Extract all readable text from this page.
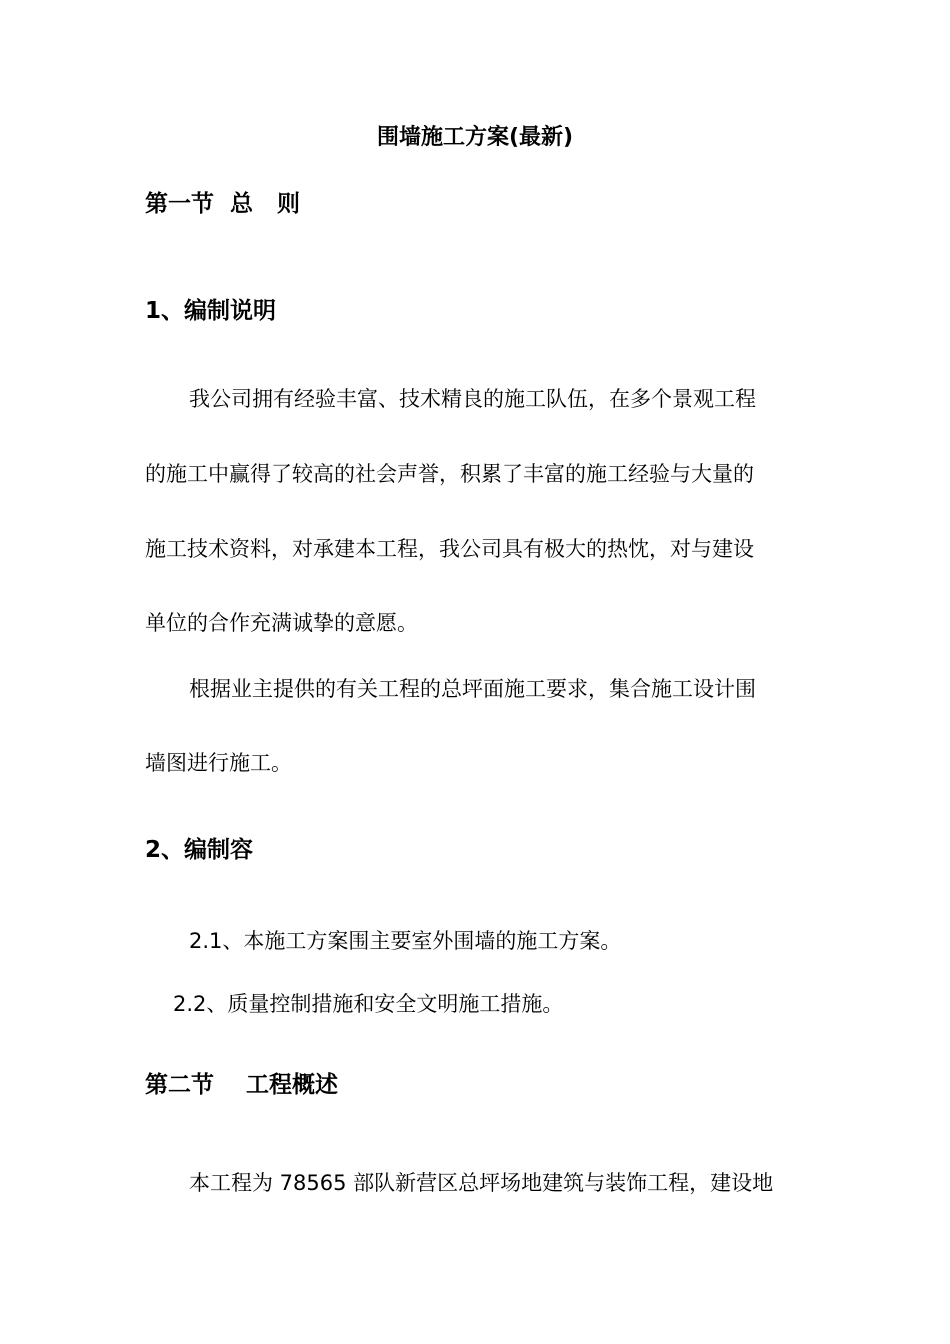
围墙施工方案(最新)
第一节  总   则
1、编制说明
我公司拥有经验丰富、技术精良的施工队伍，在多个景观工程
的施工中赢得了较高的社会声誉，积累了丰富的施工经验与大量的
施工技术资料，对承建本工程，我公司具有极大的热忱，对与建设
单位的合作充满诚挚的意愿。
根据业主提供的有关工程的总坪面施工要求，集合施工设计围
墙图进行施工。
2、编制容
2.1、本施工方案围主要室外围墙的施工方案。
2.2、质量控制措施和安全文明施工措施。
第二节    工程概述
本工程为 78565 部队新营区总坪场地建筑与装饰工程，建设地
